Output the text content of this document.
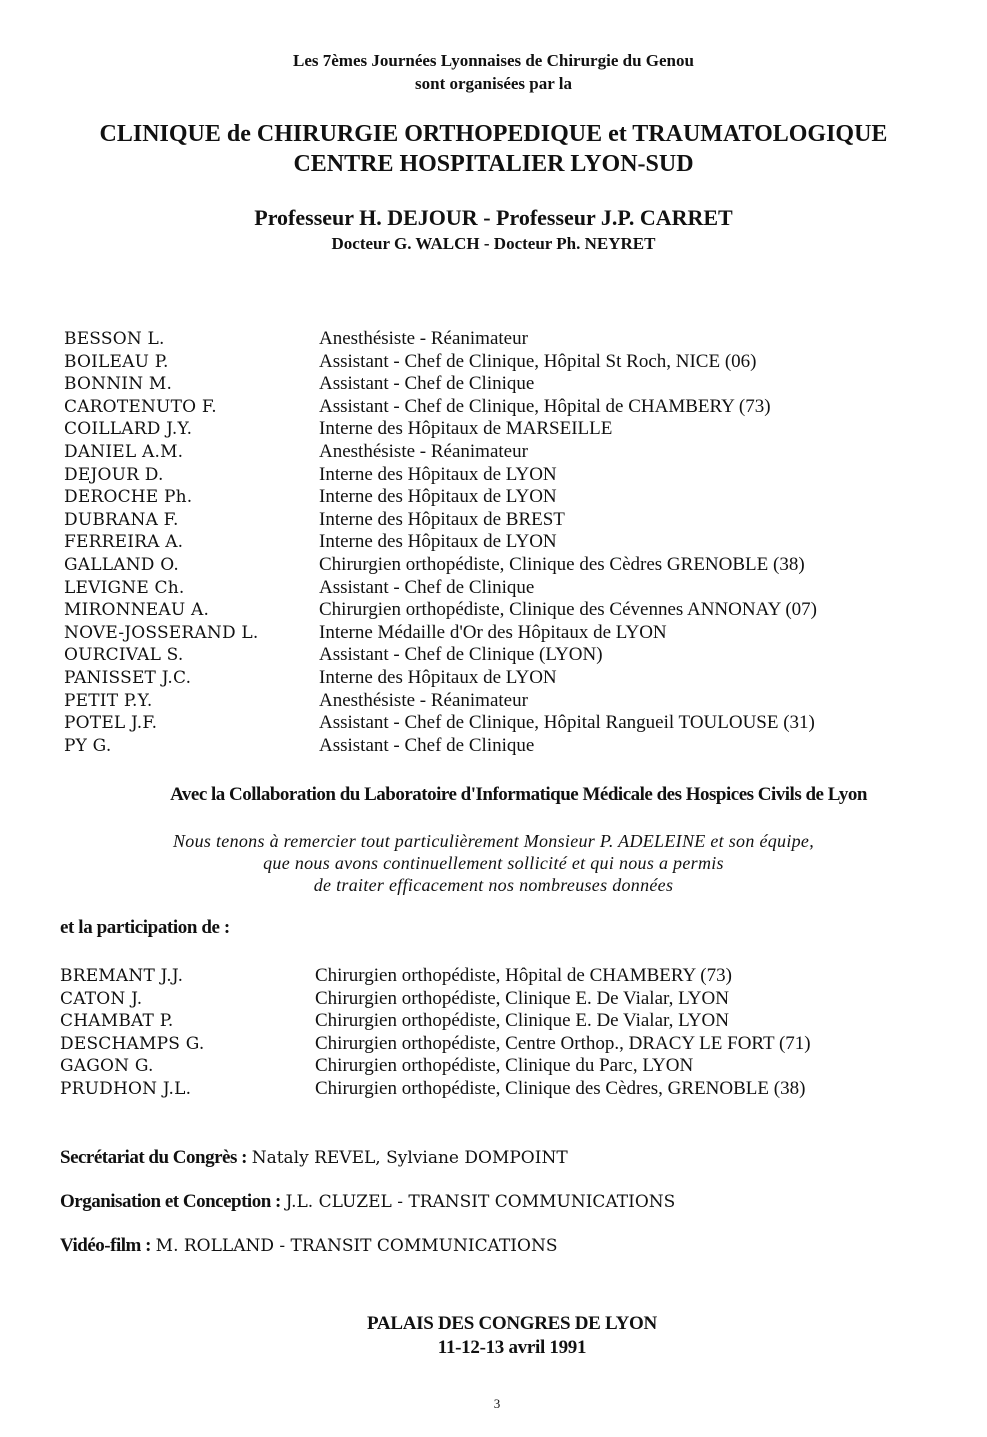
Les 7èmes Journées Lyonnaises de Chirurgie du Genou
sont organisées par la
CLINIQUE de CHIRURGIE ORTHOPEDIQUE et TRAUMATOLOGIQUE
CENTRE HOSPITALIER LYON-SUD
Professeur H. DEJOUR - Professeur J.P. CARRET
Docteur G. WALCH - Docteur Ph. NEYRET
BESSON L.	Anesthésiste - Réanimateur
BOILEAU P.	Assistant - Chef de Clinique, Hôpital St Roch, NICE (06)
BONNIN M.	Assistant - Chef de Clinique
CAROTENUTO F.	Assistant - Chef de Clinique, Hôpital de CHAMBERY (73)
COILLARD J.Y.	Interne des Hôpitaux de MARSEILLE
DANIEL A.M.	Anesthésiste - Réanimateur
DEJOUR D.	Interne des Hôpitaux de LYON
DEROCHE Ph.	Interne des Hôpitaux de LYON
DUBRANA F.	Interne des Hôpitaux de BREST
FERREIRA A.	Interne des Hôpitaux de LYON
GALLAND O.	Chirurgien orthopédiste, Clinique des Cèdres GRENOBLE (38)
LEVIGNE Ch.	Assistant - Chef de Clinique
MIRONNEAU A.	Chirurgien orthopédiste, Clinique des Cévennes ANNONAY (07)
NOVE-JOSSERAND L.	Interne Médaille d'Or des Hôpitaux de LYON
OURCIVAL S.	Assistant - Chef de Clinique (LYON)
PANISSET J.C.	Interne des Hôpitaux de LYON
PETIT P.Y.	Anesthésiste - Réanimateur
POTEL J.F.	Assistant - Chef de Clinique, Hôpital Rangueil TOULOUSE (31)
PY G.	Assistant - Chef de Clinique
Avec la Collaboration du Laboratoire d'Informatique Médicale des Hospices Civils de Lyon
Nous tenons à remercier tout particulièrement Monsieur P. ADELEINE et son équipe,
que nous avons continuellement sollicité et qui nous a permis
de traiter efficacement nos nombreuses données
et la participation de :
BREMANT J.J.	Chirurgien orthopédiste, Hôpital de CHAMBERY (73)
CATON J.	Chirurgien orthopédiste, Clinique E. De Vialar, LYON
CHAMBAT P.	Chirurgien orthopédiste, Clinique E. De Vialar, LYON
DESCHAMPS G.	Chirurgien orthopédiste, Centre Orthop., DRACY LE FORT (71)
GAGON G.	Chirurgien orthopédiste, Clinique du Parc, LYON
PRUDHON J.L.	Chirurgien orthopédiste, Clinique des Cèdres, GRENOBLE (38)
Secrétariat du Congrès : Nataly REVEL, Sylviane DOMPOINT
Organisation et Conception : J.L. CLUZEL - TRANSIT COMMUNICATIONS
Vidéo-film : M. ROLLAND - TRANSIT COMMUNICATIONS
PALAIS DES CONGRES DE LYON
11-12-13 avril 1991
3
